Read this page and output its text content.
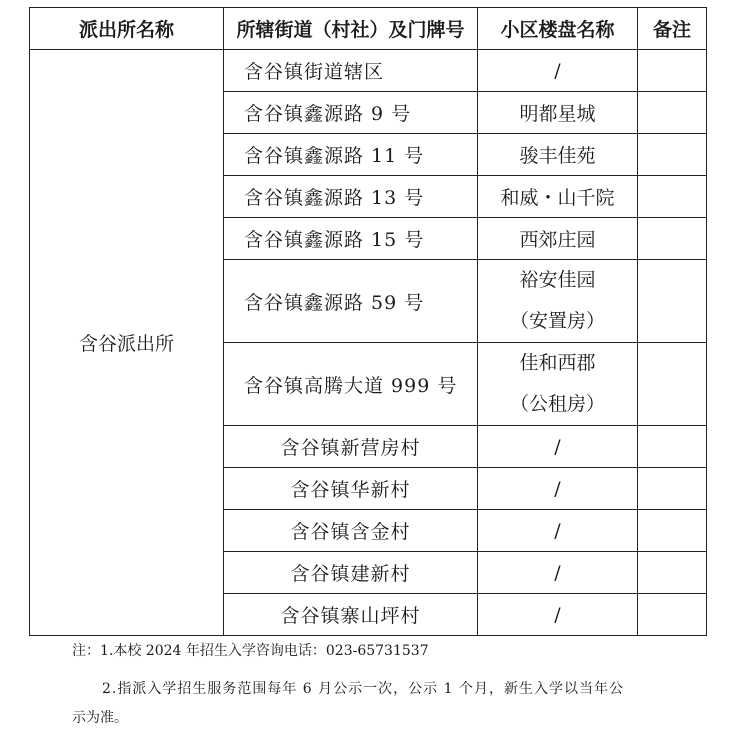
派出所名称	所辖街道（村社）及门牌号	小区楼盘名称	备注
含谷派出所	含谷镇街道辖区	/	
	含谷镇鑫源路 9 号	明都星城	
	含谷镇鑫源路 11 号	骏丰佳苑	
	含谷镇鑫源路 13 号	和威・山千院	
	含谷镇鑫源路 15 号	西郊庄园	
	含谷镇鑫源路 59 号	裕安佳园
（安置房）	

	含谷镇高腾大道 999 号	佳和西郡
（公租房）	

	含谷镇新营房村	/	
	含谷镇华新村	/	
	含谷镇含金村	/	
	含谷镇建新村	/	
	含谷镇寨山坪村	/	
注：1.本校 2024 年招生入学咨询电话：023-65731537
2.指派入学招生服务范围每年 6 月公示一次，公示 1 个月，新生入学以当年公
示为准。
